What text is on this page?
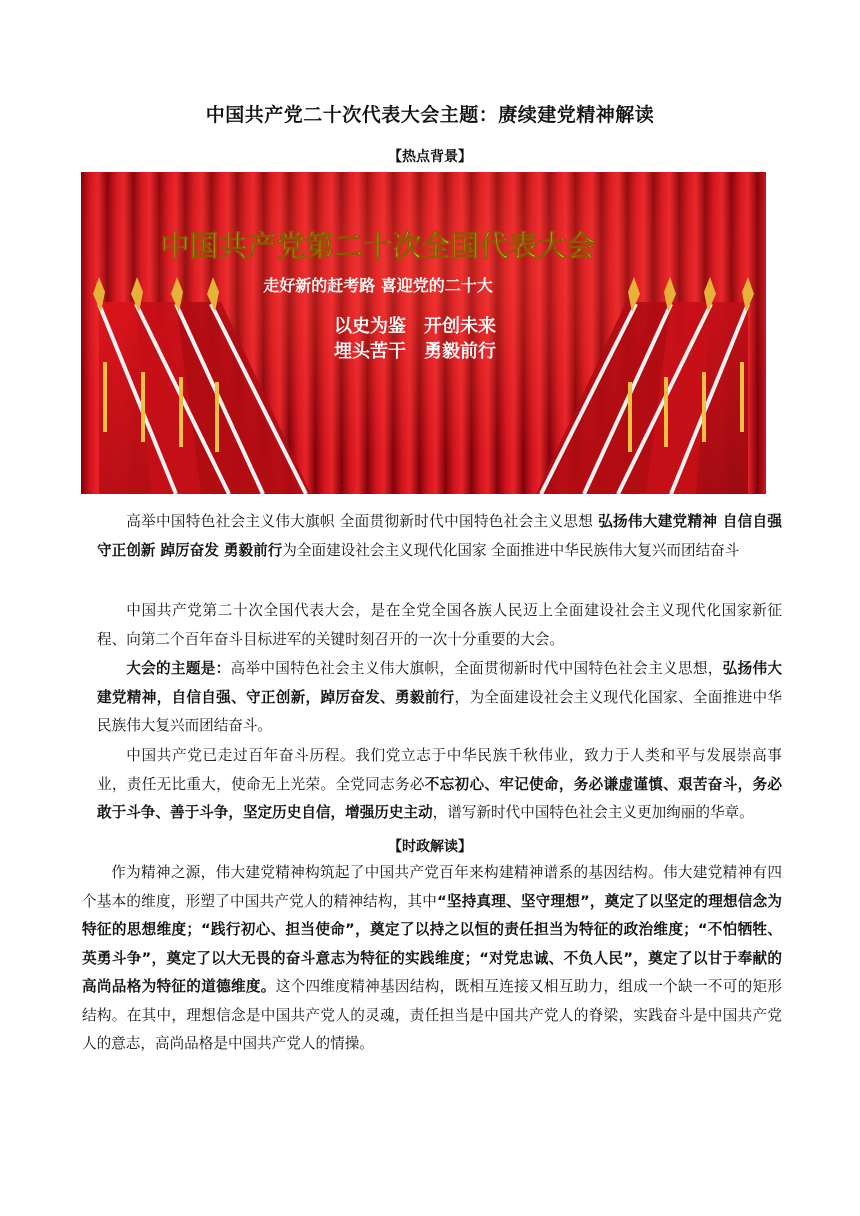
中国共产党二十次代表大会主题：赓续建党精神解读
【热点背景】
中国共产党第二十次全国代表大会
走好新的赶考路 喜迎党的二十大
以史为鉴　开创未来
埋头苦干　勇毅前行

高举中国特色社会主义伟大旗帜 全面贯彻新时代中国特色社会主义思想 弘扬伟大建党精神 自信自强 守正创新 踔厉奋发 勇毅前行为全面建设社会主义现代化国家 全面推进中华民族伟大复兴而团结奋斗

中国共产党第二十次全国代表大会，是在全党全国各族人民迈上全面建设社会主义现代化国家新征程、向第二个百年奋斗目标进军的关键时刻召开的一次十分重要的大会。

大会的主题是：高举中国特色社会主义伟大旗帜，全面贯彻新时代中国特色社会主义思想，弘扬伟大建党精神，自信自强、守正创新，踔厉奋发、勇毅前行，为全面建设社会主义现代化国家、全面推进中华民族伟大复兴而团结奋斗。

中国共产党已走过百年奋斗历程。我们党立志于中华民族千秋伟业，致力于人类和平与发展崇高事业，责任无比重大，使命无上光荣。全党同志务必不忘初心、牢记使命，务必谦虚谨慎、艰苦奋斗，务必敢于斗争、善于斗争，坚定历史自信，增强历史主动，谱写新时代中国特色社会主义更加绚丽的华章。

【时政解读】

作为精神之源，伟大建党精神构筑起了中国共产党百年来构建精神谱系的基因结构。伟大建党精神有四个基本的维度，形塑了中国共产党人的精神结构，其中“坚持真理、坚守理想”，奠定了以坚定的理想信念为特征的思想维度；“践行初心、担当使命”，奠定了以持之以恒的责任担当为特征的政治维度；“不怕牺牲、英勇斗争”，奠定了以大无畏的奋斗意志为特征的实践维度；“对党忠诚、不负人民”，奠定了以甘于奉献的高尚品格为特征的道德维度。这个四维度精神基因结构，既相互连接又相互助力，组成一个缺一不可的矩形结构。在其中，理想信念是中国共产党人的灵魂，责任担当是中国共产党人的脊梁，实践奋斗是中国共产党人的意志，高尚品格是中国共产党人的情操。
